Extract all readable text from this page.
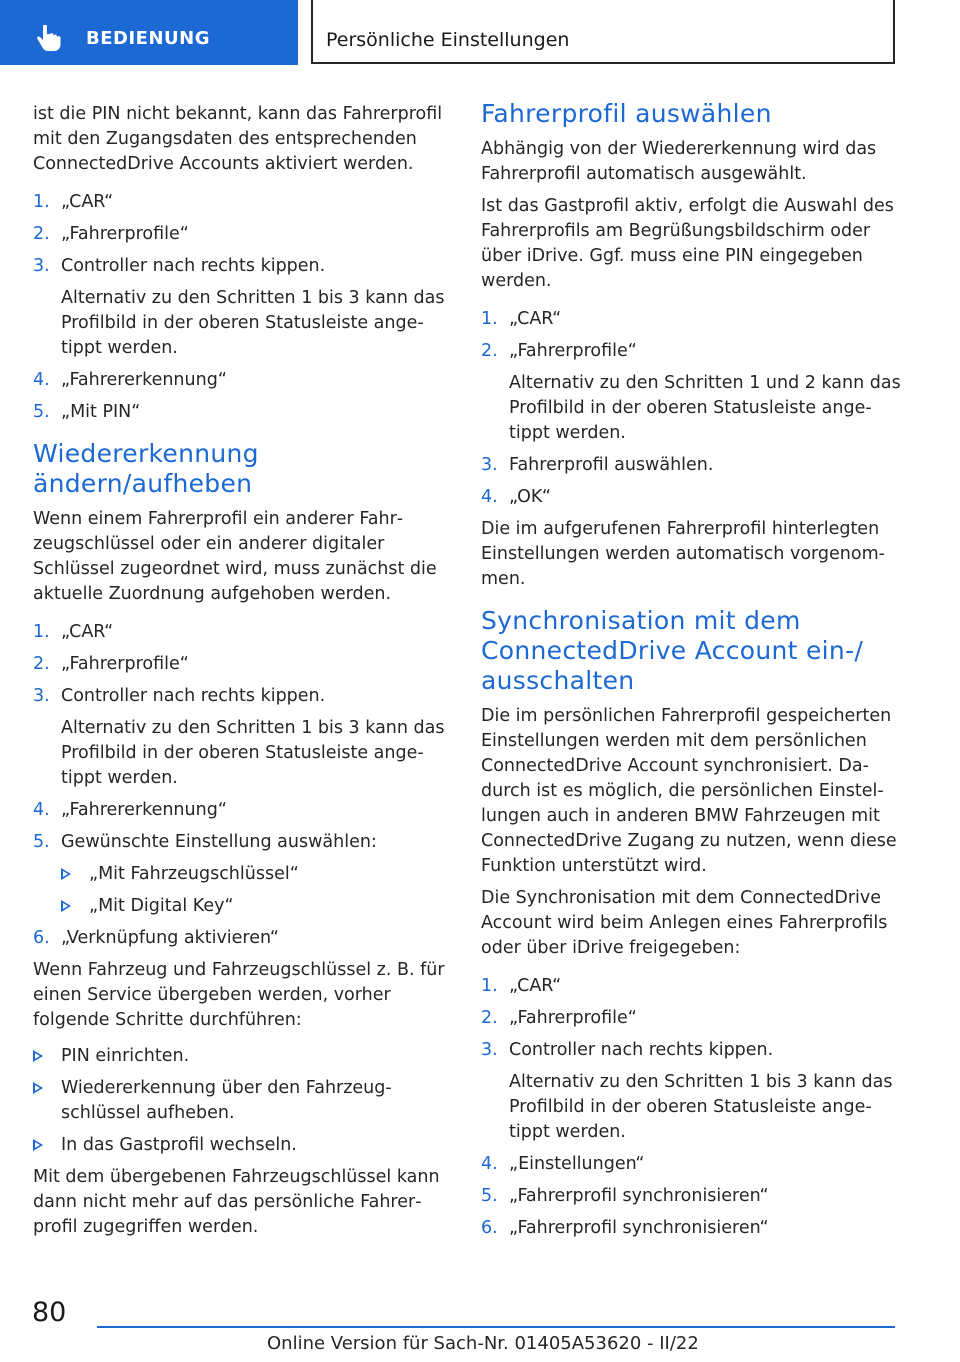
BEDIENUNG	Persönliche Einstellungen

ist die PIN nicht bekannt, kann das Fahrerprofil mit den Zugangsdaten des entsprechenden ConnectedDrive Accounts aktiviert werden.

1. „CAR“
2. „Fahrerprofile“
3. Controller nach rechts kippen.
Alternativ zu den Schritten 1 bis 3 kann das Profilbild in der oberen Statusleiste angetippt werden.
4. „Fahrererkennung“
5. „Mit PIN“
Wiedererkennung ändern/aufheben

Wenn einem Fahrerprofil ein anderer Fahrzeugschlüssel oder ein anderer digitaler Schlüssel zugeordnet wird, muss zunächst die aktuelle Zuordnung aufgehoben werden.

1. „CAR“
2. „Fahrerprofile“
3. Controller nach rechts kippen.
Alternativ zu den Schritten 1 bis 3 kann das Profilbild in der oberen Statusleiste angetippt werden.
4. „Fahrererkennung“
5. Gewünschte Einstellung auswählen:
„Mit Fahrzeugschlüssel“
„Mit Digital Key“
6. „Verknüpfung aktivieren“

Wenn Fahrzeug und Fahrzeugschlüssel z. B. für einen Service übergeben werden, vorher folgende Schritte durchführen:

PIN einrichten.
Wiedererkennung über den Fahrzeugschlüssel aufheben.
In das Gastprofil wechseln.

Mit dem übergebenen Fahrzeugschlüssel kann dann nicht mehr auf das persönliche Fahrerprofil zugegriffen werden.

Fahrerprofil auswählen

Abhängig von der Wiedererkennung wird das Fahrerprofil automatisch ausgewählt.

Ist das Gastprofil aktiv, erfolgt die Auswahl des Fahrerprofils am Begrüßungsbildschirm oder über iDrive. Ggf. muss eine PIN eingegeben werden.

1. „CAR“
2. „Fahrerprofile“
Alternativ zu den Schritten 1 und 2 kann das Profilbild in der oberen Statusleiste angetippt werden.
3. Fahrerprofil auswählen.
4. „OK“

Die im aufgerufenen Fahrerprofil hinterlegten Einstellungen werden automatisch vorgenommen.

Synchronisation mit dem ConnectedDrive Account ein-/ ausschalten

Die im persönlichen Fahrerprofil gespeicherten Einstellungen werden mit dem persönlichen ConnectedDrive Account synchronisiert. Dadurch ist es möglich, die persönlichen Einstellungen auch in anderen BMW Fahrzeugen mit ConnectedDrive Zugang zu nutzen, wenn diese Funktion unterstützt wird.

Die Synchronisation mit dem ConnectedDrive Account wird beim Anlegen eines Fahrerprofils oder über iDrive freigegeben:

1. „CAR“
2. „Fahrerprofile“
3. Controller nach rechts kippen.
Alternativ zu den Schritten 1 bis 3 kann das Profilbild in der oberen Statusleiste angetippt werden.
4. „Einstellungen“
5. „Fahrerprofil synchronisieren“
6. „Fahrerprofil synchronisieren“
80
Online Version für Sach-Nr. 01405A53620 - II/22
